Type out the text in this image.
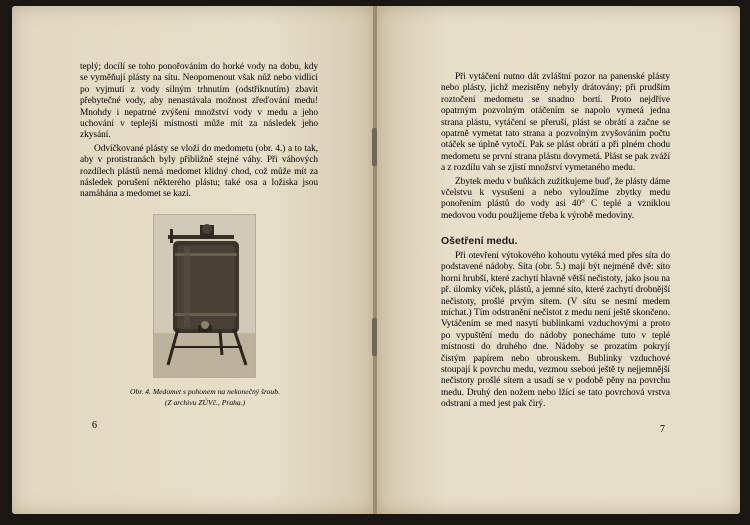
teplý; docílí se toho ponořováním do horké vody na dobu, kdy se vyměňují plásty na sítu. Neopomenout však nůž nebo vidlici po vyjmutí z vody silným trhnutím (odstřiknutím) zbavit přebytečné vody, aby nenastávala možnost zřeďování medu! Mnohdy i nepatrné zvýšení množství vody v medu a jeho uchování v teplejší místnosti může mít za následek jeho zkysání.

Odvíčkované plásty se vloží do medometu (obr. 4.) a to tak, aby v protistranách byly přibližně stejné váhy. Při váhových rozdílech plástů nemá medomet klidný chod, což může mít za následek porušení některého plástu; také osa a ložiska jsou namáhána a medomet se kazí.

Obr. 4. Medomet s pohonem na nekonečný šroub.
(Z archivu ZÚVč., Praha.)
6

Při vytáčení nutno dát zvláštní pozor na panenské plásty nebo plásty, jichž mezistěny nebyly drátovány; při prudším roztočení medometu se snadno bortí. Proto nejdříve opatrným pozvolným otáčením se napolo vymetá jedna strana plástu, vytáčení se přeruší, plást se obrátí a začne se opatrně vymetat tato strana a pozvolným zvyšováním počtu otáček se úplně vytočí. Pak se plást obrátí a při plném chodu medometu se první strana plástu dovymetá. Plást se pak zváží a z rozdílu vah se zjistí množství vymetaného medu.

Zbytek medu v buňkách zužitkujeme buď, že plásty dáme včelstvu k vysušení a nebo vyloužíme zbytky medu ponořením plástů do vody asi 40° C teplé a vzniklou medovou vodu použijeme třeba k výrobě medoviny.

Ošetření medu.

Při otevření výtokového kohoutu vytéká med přes síta do podstavené nádoby. Síta (obr. 5.) mají být nejméně dvě: síto horní hrubší, které zachytí hlavně větší nečistoty, jako jsou na př. úlomky víček, plástů, a jemné síto, které zachytí drobnější nečistoty, prošlé prvým sítem. (V sítu se nesmí medem míchat.) Tím odstranění nečistot z medu není ještě skončeno. Vytáčením se med nasytí bublinkami vzduchovými a proto po vypuštění medu do nádoby ponecháme tuto v teplé místnosti do druhého dne. Nádoby se prozatím pokryjí čistým papírem nebo ubrouskem. Bublinky vzduchové stoupají k povrchu medu, vezmou sseboú ještě ty nejjemnější nečistoty prošlé sítem a usadí se v podobě pěny na povrchu medu. Druhý den nožem nebo lžící se tato povrchová vrstva odstraní a med jest pak čirý.

7
